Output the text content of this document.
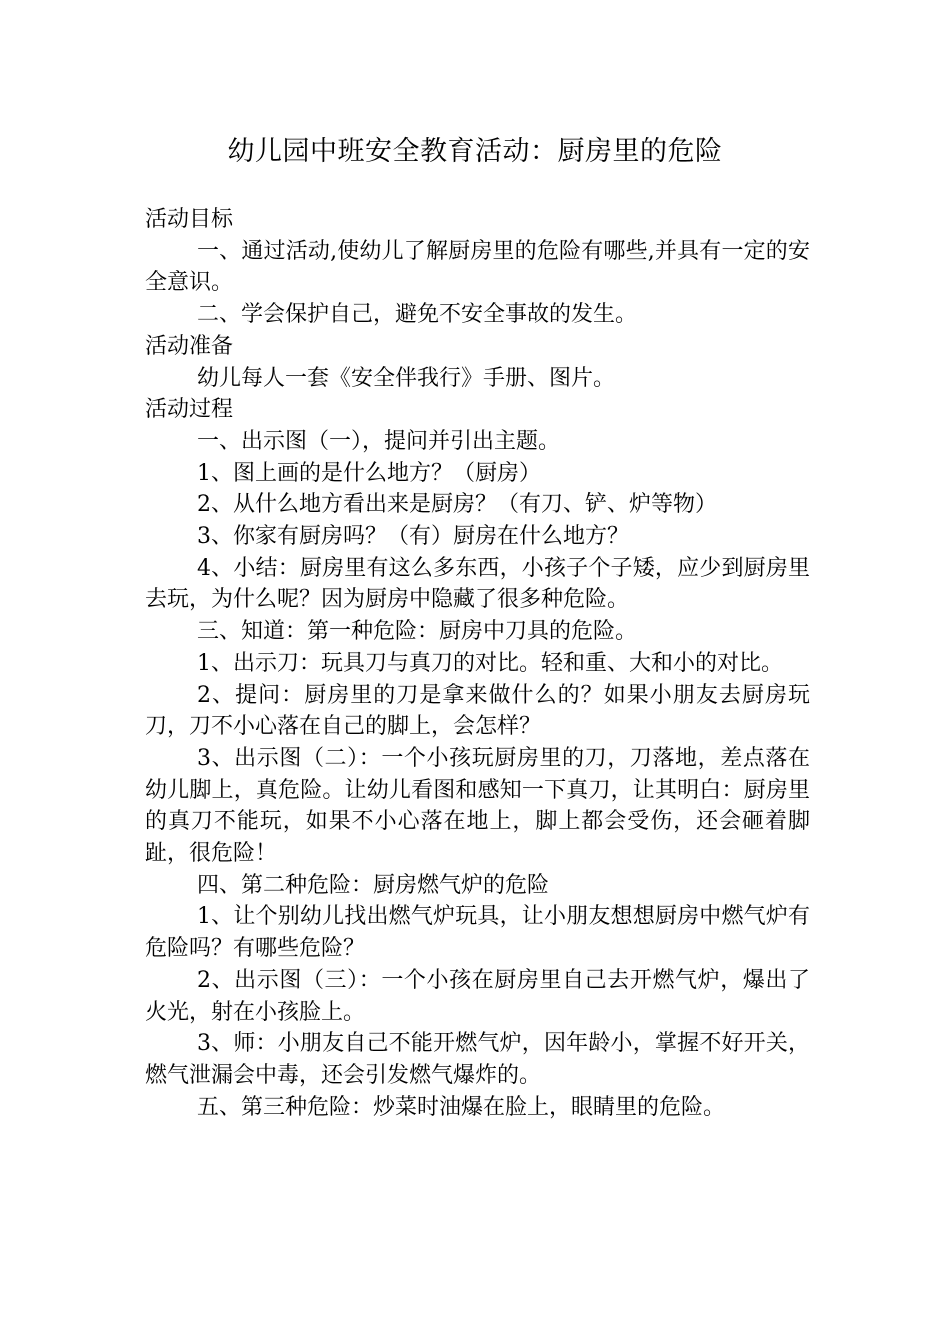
幼儿园中班安全教育活动：厨房里的危险

活动目标

一、通过活动,使幼儿了解厨房里的危险有哪些,并具有一定的安全意识。

二、学会保护自己，避免不安全事故的发生。

活动准备

幼儿每人一套《安全伴我行》手册、图片。

活动过程

一、出示图（一），提问并引出主题。

1、图上画的是什么地方？（厨房）

2、从什么地方看出来是厨房？（有刀、铲、炉等物）

3、你家有厨房吗？（有）厨房在什么地方？

4、小结：厨房里有这么多东西，小孩子个子矮，应少到厨房里去玩，为什么呢？因为厨房中隐藏了很多种危险。

三、知道：第一种危险：厨房中刀具的危险。

1、出示刀：玩具刀与真刀的对比。轻和重、大和小的对比。

2、提问：厨房里的刀是拿来做什么的？如果小朋友去厨房玩刀，刀不小心落在自己的脚上，会怎样？

3、出示图（二）：一个小孩玩厨房里的刀，刀落地，差点落在幼儿脚上，真危险。让幼儿看图和感知一下真刀，让其明白：厨房里的真刀不能玩，如果不小心落在地上，脚上都会受伤，还会砸着脚趾，很危险！

四、第二种危险：厨房燃气炉的危险

1、让个别幼儿找出燃气炉玩具，让小朋友想想厨房中燃气炉有危险吗？有哪些危险？

2、出示图（三）：一个小孩在厨房里自己去开燃气炉，爆出了火光，射在小孩脸上。

3、师：小朋友自己不能开燃气炉，因年龄小，掌握不好开关，燃气泄漏会中毒，还会引发燃气爆炸的。

五、第三种危险：炒菜时油爆在脸上，眼睛里的危险。
